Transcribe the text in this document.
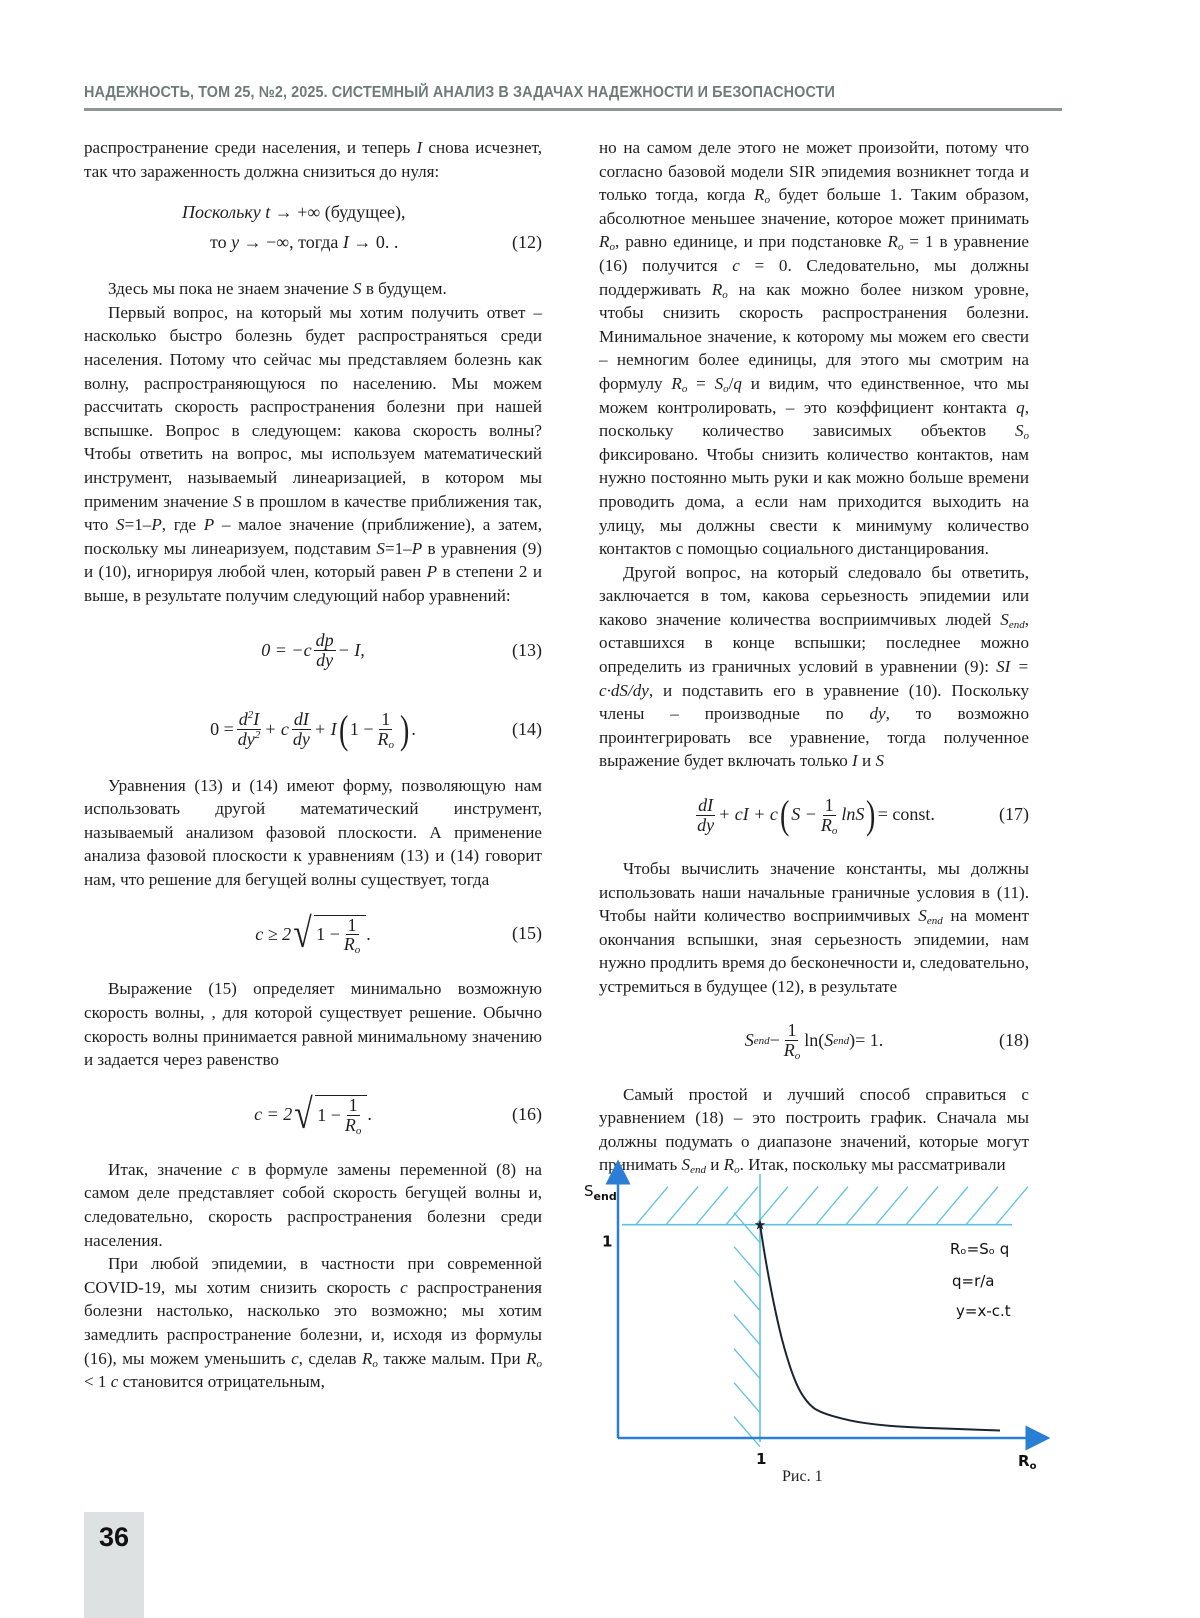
НАДЕЖНОСТЬ, ТОМ 25, №2, 2025. СИСТЕМНЫЙ АНАЛИЗ В ЗАДАЧАХ НАДЕЖНОСТИ И БЕЗОПАСНОСТИ

распространение среди населения, и теперь I снова исчезнет, так что зараженность должна снизиться до нуля:

Поскольку t → +∞ (будущее),
то y → −∞, тогда I → 0. .	(12)

Здесь мы пока не знаем значение S в будущем.

Первый вопрос, на который мы хотим получить ответ – насколько быстро болезнь будет распространяться среди населения. Потому что сейчас мы представляем болезнь как волну, распространяющуюся по населению. Мы можем рассчитать скорость распространения болезни при нашей вспышке. Вопрос в следующем: какова скорость волны? Чтобы ответить на вопрос, мы используем математический инструмент, называемый линеаризацией, в котором мы применим значение S в прошлом в качестве приближения так, что S=1–P, где P – малое значение (приближение), а затем, поскольку мы линеаризуем, подставим S=1–P в уравнения (9) и (10), игнорируя любой член, который равен P в степени 2 и выше, в результате получим следующий набор уравнений:

$0 = -c \frac{dp}{dy} - I$,	(13)
$0 = \frac{d^2I}{dy^2} + c \frac{dI}{dy} + I$ ( $1 - \frac{1}{R_o}$ ) .	(14)

Уравнения (13) и (14) имеют форму, позволяющую нам использовать другой математический инструмент, называемый анализом фазовой плоскости. А применение анализа фазовой плоскости к уравнениям (13) и (14) говорит нам, что решение для бегущей волны существует, тогда

c ≥ 2 √ $1 - \frac{1}{R_o}$ .	(15)

Выражение (15) определяет минимально возможную скорость волны, , для которой существует решение. Обычно скорость волны принимается равной минимальному значению и задается через равенство

c = 2 √ $1 - \frac{1}{R_o}$ .	(16)

Итак, значение c в формуле замены переменной (8) на самом деле представляет собой скорость бегущей волны и, следовательно, скорость распространения болезни среди населения.

При любой эпидемии, в частности при современной COVID-19, мы хотим снизить скорость c распространения болезни настолько, насколько это возможно; мы хотим замедлить распространение болезни, и, исходя из формулы (16), мы можем уменьшить c, сделав $R_o$ также малым. При $R_o < 1$ c становится отрицательным,

но на самом деле этого не может произойти, потому что согласно базовой модели SIR эпидемия возникнет тогда и только тогда, когда $R_o$ будет больше 1. Таким образом, абсолютное меньшее значение, которое может принимать $R_o$, равно единице, и при подстановке $R_o = 1$ в уравнение (16) получится c = 0. Следовательно, мы должны поддерживать $R_o$ на как можно более низком уровне, чтобы снизить скорость распространения болезни. Минимальное значение, к которому мы можем его свести – немногим более единицы, для этого мы смотрим на формулу $R_o = S_o/q$ и видим, что единственное, что мы можем контролировать, – это коэффициент контакта q, поскольку количество зависимых объектов $S_o$ фиксировано. Чтобы снизить количество контактов, нам нужно постоянно мыть руки и как можно больше времени проводить дома, а если нам приходится выходить на улицу, мы должны свести к минимуму количество контактов с помощью социального дистанцирования.

Другой вопрос, на который следовало бы ответить, заключается в том, какова серьезность эпидемии или каково значение количества восприимчивых людей $S_{end}$, оставшихся в конце вспышки; последнее можно определить из граничных условий в уравнении (9): SI = c·dS/dy, и подставить его в уравнение (10). Поскольку члены – производные по dy, то возможно проинтегрировать все уравнение, тогда полученное выражение будет включать только I и S

$\frac{dI}{dy}$ + cI + c ( $S - \frac{1}{R_o}$ lnS ) = const.	(17)

Чтобы вычислить значение константы, мы должны использовать наши начальные граничные условия в (11). Чтобы найти количество восприимчивых $S_{end}$ на момент окончания вспышки, зная серьезность эпидемии, нам нужно продлить время до бесконечности и, следовательно, устремиться в будущее (12), в результате

S end − $\frac{1}{R_o}$ ln ( S end ) = 1.	(18)

Самый простой и лучший способ справиться с уравнением (18) – это построить график. Сначала мы должны подумать о диапазоне значений, которые могут принимать $S_{end}$ и $R_o$. Итак, поскольку мы рассматривали

★
$S_{end}$
1
1	$R_o$
Rₒ=Sₒ q
q=r/a
y=x-c.t
Рис. 1
36
